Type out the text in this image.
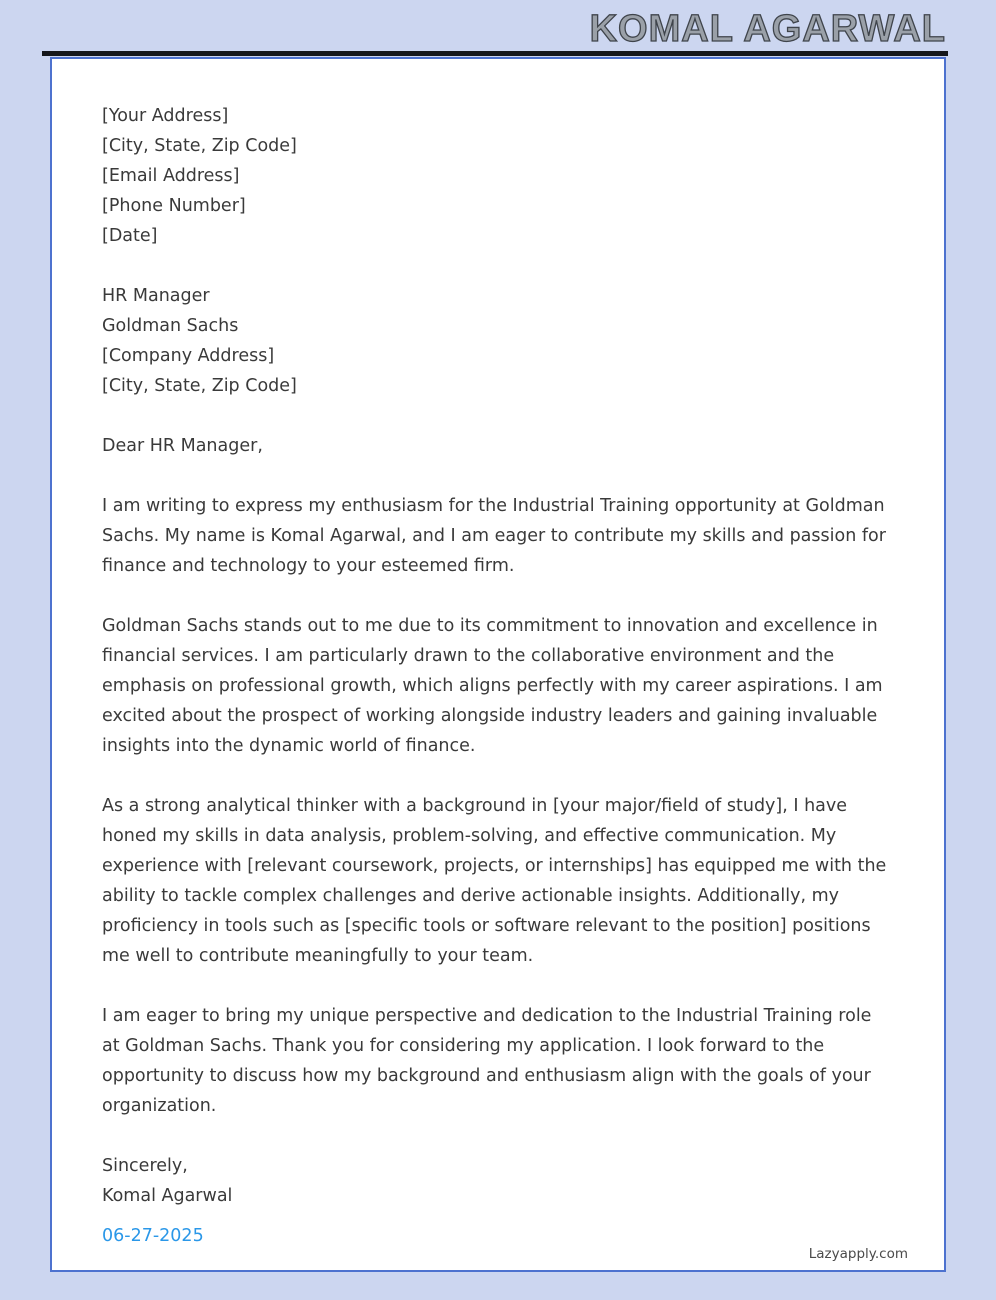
KOMAL AGARWAL
[Your Address]
[City, State, Zip Code]
[Email Address]
[Phone Number]
[Date]
HR Manager
Goldman Sachs
[Company Address]
[City, State, Zip Code]
Dear HR Manager,

I am writing to express my enthusiasm for the Industrial Training opportunity at Goldman Sachs. My name is Komal Agarwal, and I am eager to contribute my skills and passion for finance and technology to your esteemed firm.

Goldman Sachs stands out to me due to its commitment to innovation and excellence in financial services. I am particularly drawn to the collaborative environment and the emphasis on professional growth, which aligns perfectly with my career aspirations. I am excited about the prospect of working alongside industry leaders and gaining invaluable insights into the dynamic world of finance.

As a strong analytical thinker with a background in [your major/field of study], I have honed my skills in data analysis, problem-solving, and effective communication. My experience with [relevant coursework, projects, or internships] has equipped me with the ability to tackle complex challenges and derive actionable insights. Additionally, my proficiency in tools such as [specific tools or software relevant to the position] positions me well to contribute meaningfully to your team.

I am eager to bring my unique perspective and dedication to the Industrial Training role at Goldman Sachs. Thank you for considering my application. I look forward to the opportunity to discuss how my background and enthusiasm align with the goals of your organization.

Sincerely,
Komal Agarwal
06-27-2025
Lazyapply.com
